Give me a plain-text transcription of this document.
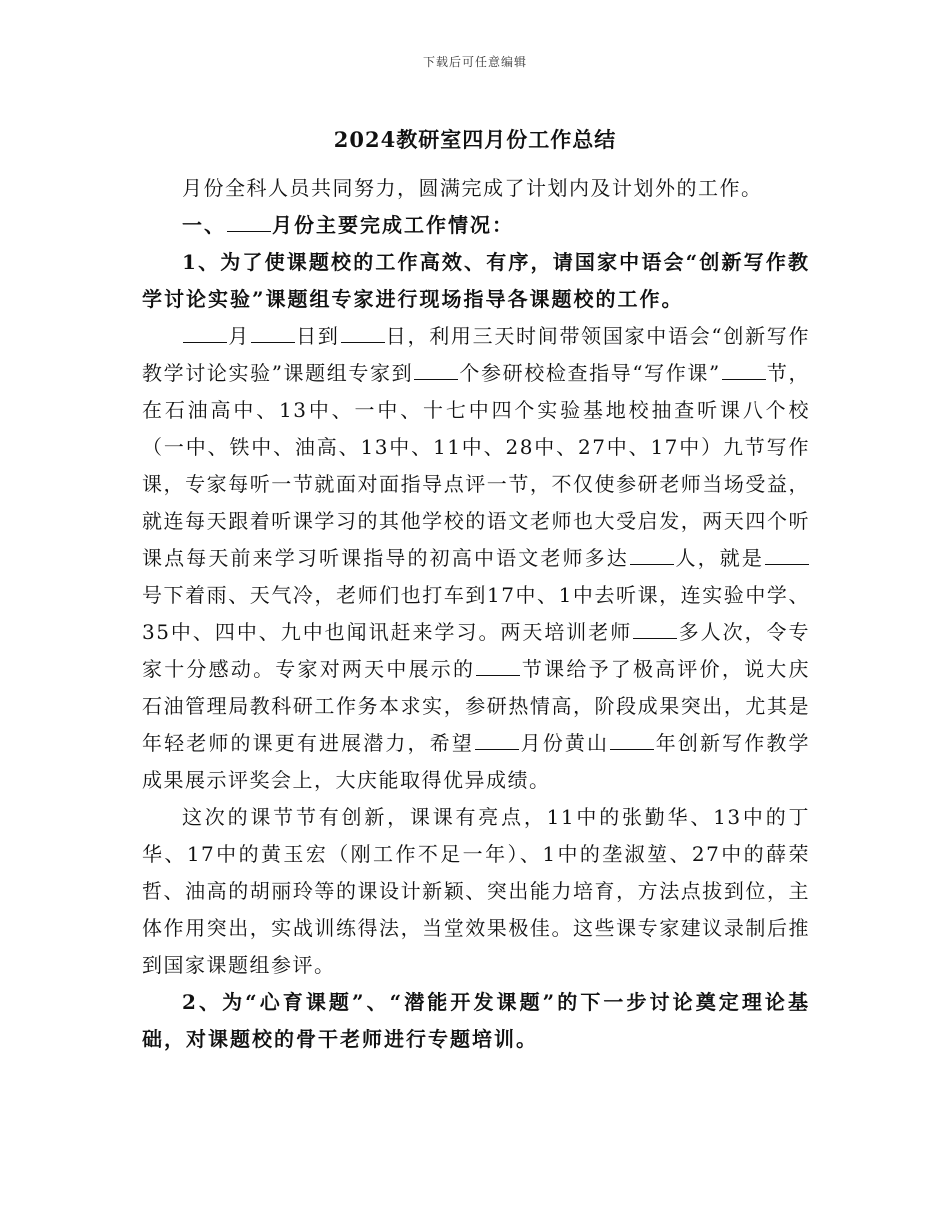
下载后可任意编辑
2024教研室四月份工作总结

月份全科人员共同努力，圆满完成了计划内及计划外的工作。

一、 月份主要完成工作情况：

1、为了使课题校的工作高效、有序，请国家中语会“创新写作教学讨论实验”课题组专家进行现场指导各课题校的工作。

月 日到 日，利用三天时间带领国家中语会“创新写作教学讨论实验”课题组专家到 个参研校检查指导“写作课” 节，在石油高中、13中、一中、十七中四个实验基地校抽查听课八个校（一中、铁中、油高、13中、11中、28中、27中、17中）九节写作课，专家每听一节就面对面指导点评一节，不仅使参研老师当场受益，就连每天跟着听课学习的其他学校的语文老师也大受启发，两天四个听课点每天前来学习听课指导的初高中语文老师多达 人，就是号下着雨、天气冷，老师们也打车到17中、1中去听课，连实验中学、35中、四中、九中也闻讯赶来学习。两天培训老师 多人次，令专家十分感动。专家对两天中展示的 节课给予了极高评价，说大庆石油管理局教科研工作务本求实，参研热情高，阶段成果突出，尤其是年轻老师的课更有进展潜力，希望 月份黄山 年创新写作教学成果展示评奖会上，大庆能取得优异成绩。

这次的课节节有创新，课课有亮点，11中的张勤华、13中的丁华、17中的黄玉宏（刚工作不足一年）、1中的垄淑堃、27中的薛荣哲、油高的胡丽玲等的课设计新颖、突出能力培育，方法点拔到位，主体作用突出，实战训练得法，当堂效果极佳。这些课专家建议录制后推到国家课题组参评。

2、为“心育课题”、“潜能开发课题”的下一步讨论奠定理论基础，对课题校的骨干老师进行专题培训。
